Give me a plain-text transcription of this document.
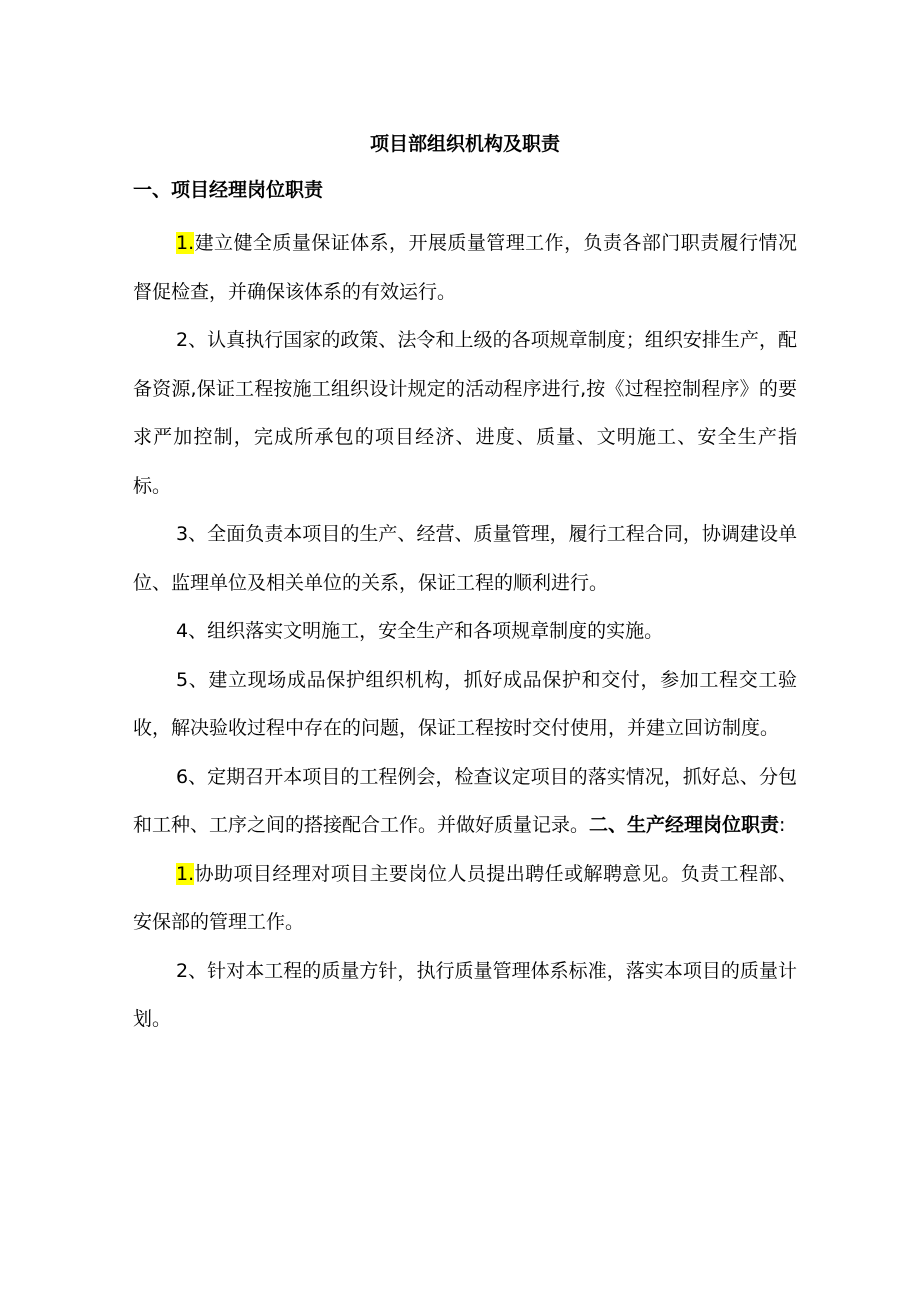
项目部组织机构及职责
一、项目经理岗位职责

1.建立健全质量保证体系，开展质量管理工作，负责各部门职责履行情况督促检查，并确保该体系的有效运行。

2、认真执行国家的政策、法令和上级的各项规章制度；组织安排生产，配备资源,保证工程按施工组织设计规定的活动程序进行,按《过程控制程序》的要求严加控制，完成所承包的项目经济、进度、质量、文明施工、安全生产指标。

3、全面负责本项目的生产、经营、质量管理，履行工程合同，协调建设单位、监理单位及相关单位的关系，保证工程的顺利进行。

4、组织落实文明施工，安全生产和各项规章制度的实施。

5、建立现场成品保护组织机构，抓好成品保护和交付，参加工程交工验收，解决验收过程中存在的问题，保证工程按时交付使用，并建立回访制度。

6、定期召开本项目的工程例会，检查议定项目的落实情况，抓好总、分包和工种、工序之间的搭接配合工作。并做好质量记录。二、生产经理岗位职责:

1.协助项目经理对项目主要岗位人员提出聘任或解聘意见。负责工程部、安保部的管理工作。

2、针对本工程的质量方针，执行质量管理体系标准，落实本项目的质量计划。
